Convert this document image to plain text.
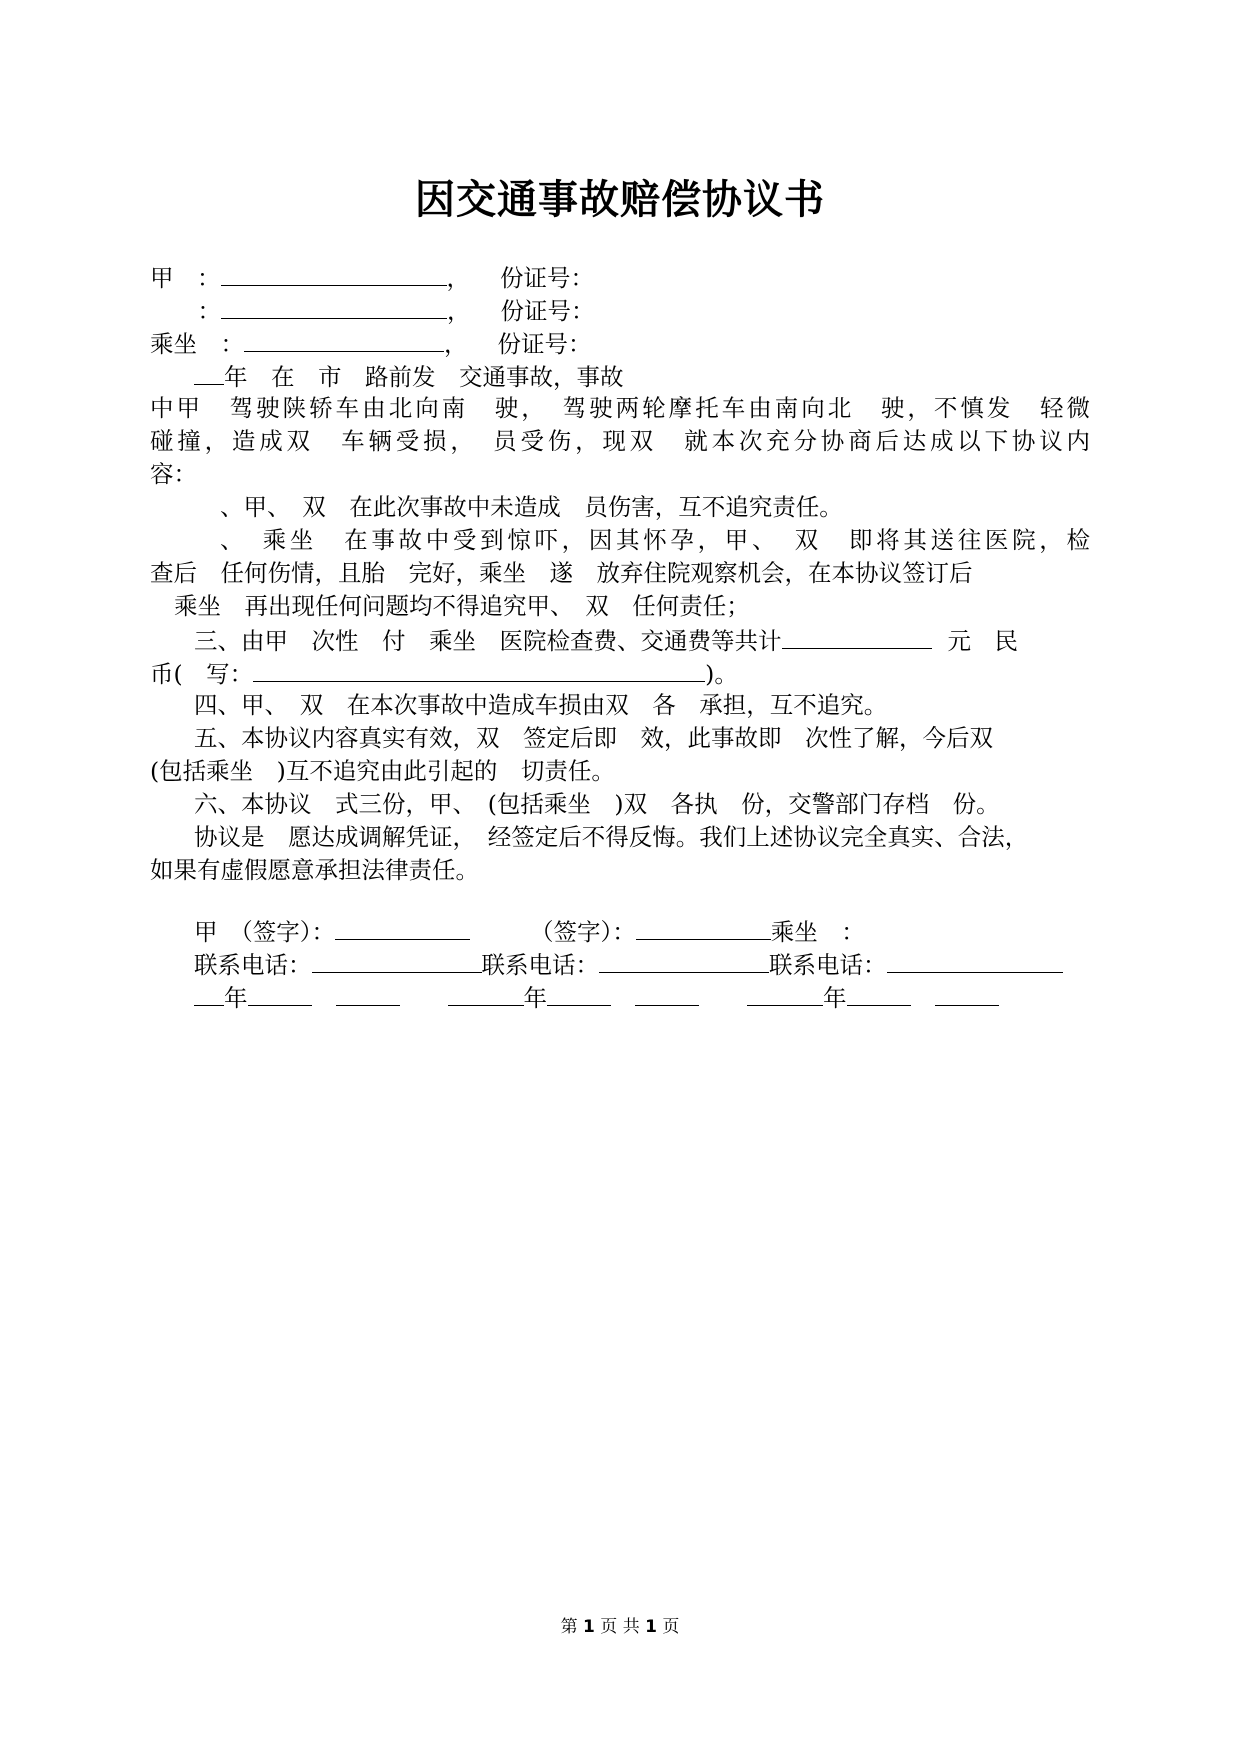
因交通事故赔偿协议书
甲　：	， 份证号：
　：	， 份证号：
乘坐　：	， 份证号：
年　在　市　路前发　交通事故，事故
中甲　驾驶陕轿车由北向南　驶，　驾驶两轮摩托车由南向北　驶，不慎发　轻微
碰撞，造成双　车辆受损，　员受伤，现双　就本次充分协商后达成以下协议内
容：
、甲、　双　在此次事故中未造成　员伤害，互不追究责任。
、　乘坐　在事故中受到惊吓，因其怀孕，甲、　双　即将其送往医院，检
查后　任何伤情，且胎　完好，乘坐　遂　放弃住院观察机会，在本协议签订后
乘坐　再出现任何问题均不得追究甲、　双　任何责任；
三、由甲　次性　付　乘坐　医院检查费、交通费等共计	元　民
币(　写：	)。
四、甲、　双　在本次事故中造成车损由双　各　承担，互不追究。
五、本协议内容真实有效，双　签定后即　效，此事故即　次性了解，今后双
(包括乘坐　)互不追究由此引起的　切责任。
六、本协议　式三份，甲、　(包括乘坐　)双　各执　份，交警部门存档　份。
协议是　愿达成调解凭证，　经签定后不得反悔。我们上述协议完全真实、合法，
如果有虚假愿意承担法律责任。
甲　（签字）：	（签字）：	乘坐　：
联系电话：	联系电话：	联系电话：
年	年	年
第 1 页 共 1 页
